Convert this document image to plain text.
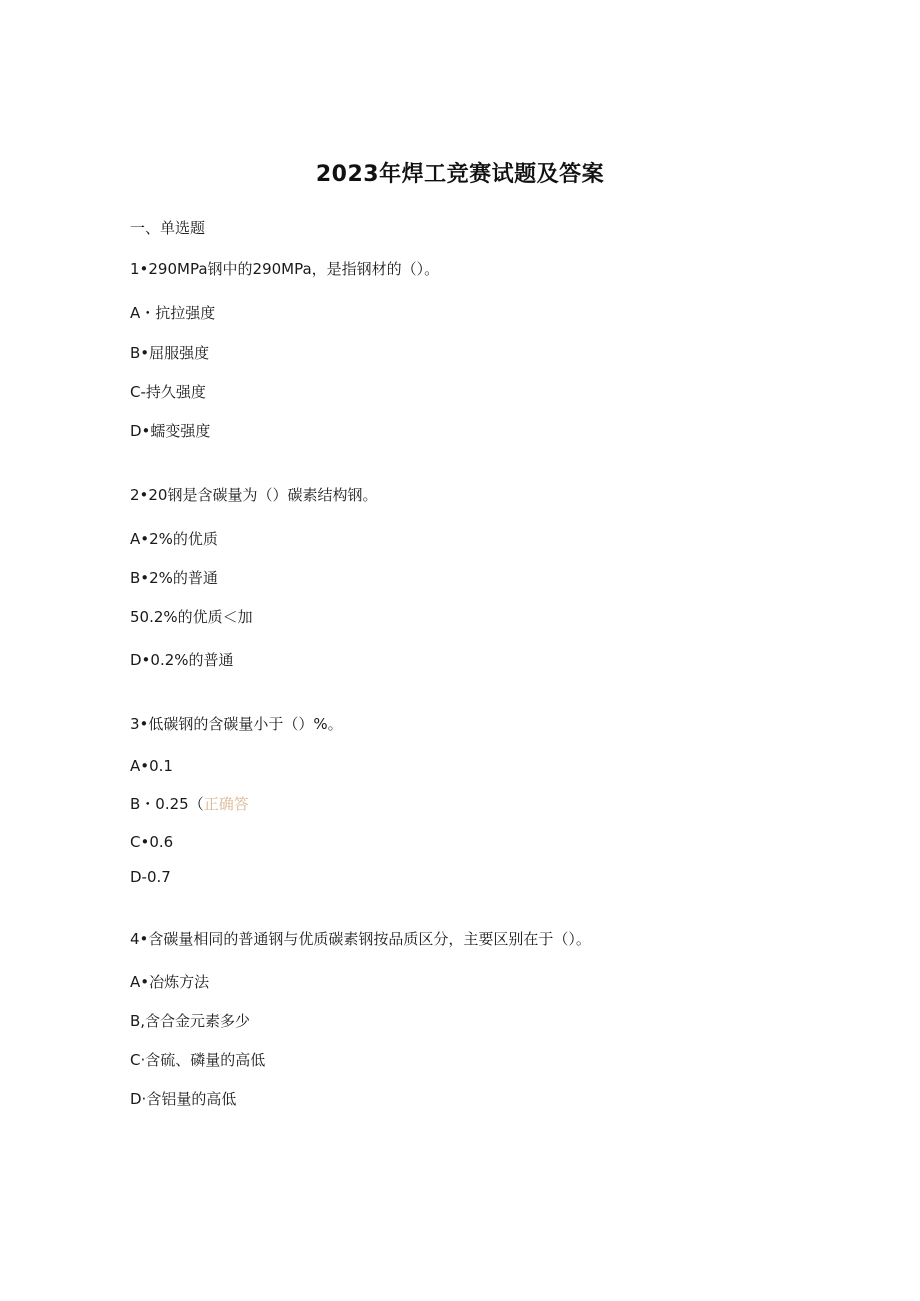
2023年焊工竞赛试题及答案
一、单选题
1•290MPa钢中的290MPa，是指钢材的（）。
A・抗拉强度
B•屈服强度
C-持久强度
D•蠕变强度
2•20钢是含碳量为（）碳素结构钢。
A•2%的优质
B•2%的普通
50.2%的优质＜加
D•0.2%的普通
3•低碳钢的含碳量小于（）%。
A•0.1
B・0.25（正确答
C•0.6
D-0.7
4•含碳量相同的普通钢与优质碳素钢按品质区分，主要区别在于（）。
A•冶炼方法
B,含合金元素多少
C·含硫、磷量的高低
D·含铝量的高低
